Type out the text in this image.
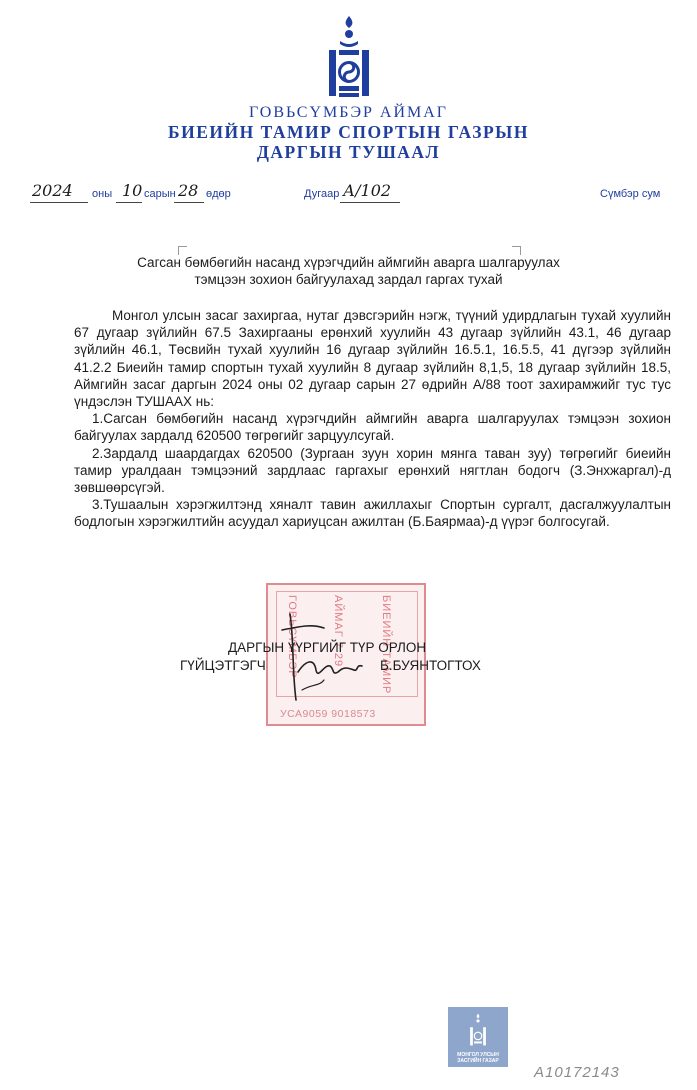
ГОВЬСҮМБЭР АЙМАГ
БИЕИЙН ТАМИР СПОРТЫН ГАЗРЫН
ДАРГЫН ТУШААЛ
2024 оны 10 сарын 28 өдөр	Дугаар А/102	Сүмбэр сум
Сагсан бөмбөгийн насанд хүрэгчдийн аймгийн аварга шалгаруулах
тэмцээн зохион байгуулахад зардал гаргах тухай

Монгол улсын засаг захиргаа, нутаг дэвсгэрийн нэгж, түүний удирдлагын тухай хуулийн 67 дугаар зүйлийн 67.5 Захиргааны ерөнхий хуулийн 43 дугаар зүйлийн 43.1, 46 дугаар зүйлийн 46.1, Төсвийн тухай хуулийн 16 дугаар зүйлийн 16.5.1, 16.5.5, 41 дүгээр зүйлийн 41.2.2 Биеийн тамир спортын тухай хуулийн 8 дугаар зүйлийн 8,1,5, 18 дугаар зүйлийн 18.5, Аймгийн засаг даргын 2024 оны 02 дугаар сарын 27 өдрийн А/88 тоот захирамжийг тус тус үндэслэн ТУШААХ нь:

1.Сагсан бөмбөгийн насанд хүрэгчдийн аймгийн аварга шалгаруулах тэмцээн зохион байгуулах зардалд 620500 төгрөгийг зарцуулсугай.

2.Зардалд шаардагдах 620500 (Зургаан зуун хорин мянга таван зуу) төгрөгийг биеийн тамир уралдаан тэмцээний зардлаас гаргахыг ерөнхий нягтлан бодогч (З.Энхжаргал)-д зөвшөөрсүгэй.

3.Тушаалын хэрэгжилтэнд хяналт тавин ажиллахыг Спортын сургалт, дасгалжуулалтын бодлогын хэрэгжилтийн асуудал хариуцсан ажилтан (Б.Баярмаа)-д үүрэг болгосугай.

ГОВЬСҮМБЭР	АЙМАГ 7 29	БИЕИЙН ТАМИР
УСА9059 9018573
ДАРГЫН ҮҮРГИЙГ ТҮР ОРЛОН
ГҮЙЦЭТГЭГЧ	Б.БУЯНТОГТОХ
МОНГОЛ УЛСЫН
ЗАСГИЙН ГАЗАР
A10172143
